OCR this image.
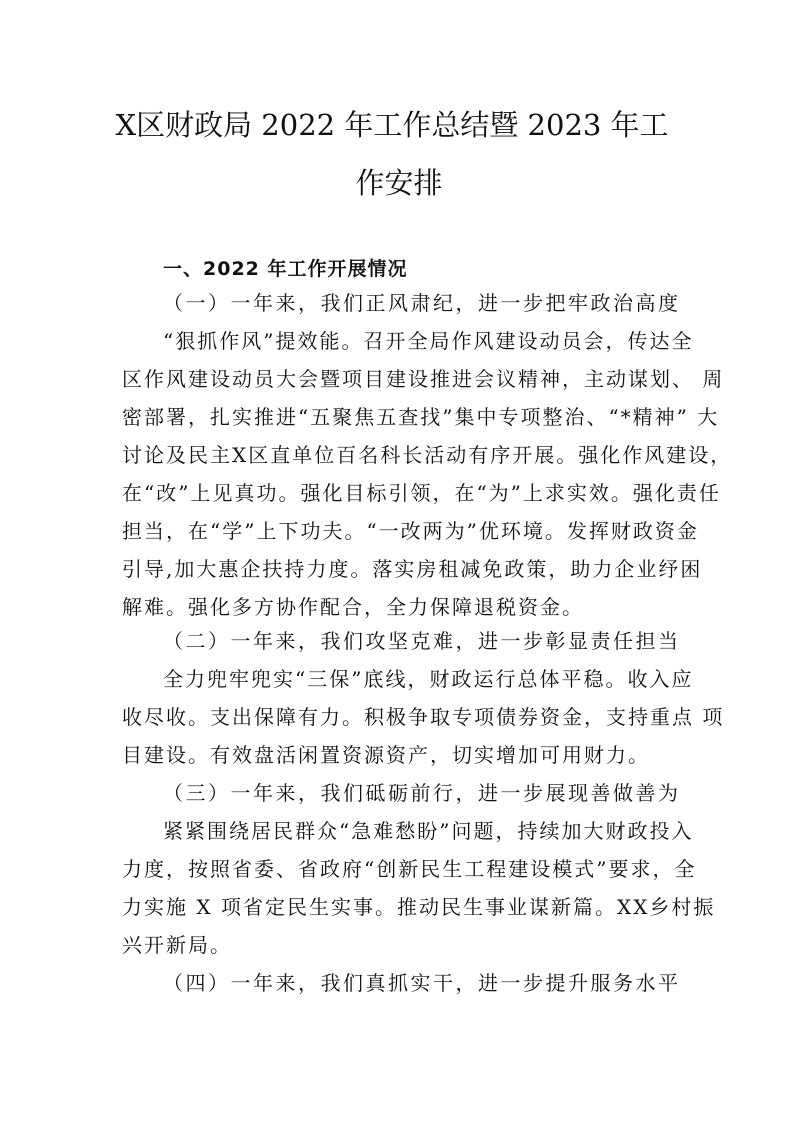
X区财政局 2022 年工作总结暨 2023 年工
作安排
一、2022 年工作开展情况
（一）一年来，我们正风肃纪，进一步把牢政治高度
“狠抓作风”提效能。召开全局作风建设动员会，传达全
区作风建设动员大会暨项目建设推进会议精神，主动谋划、 周
密部署，扎实推进“五聚焦五查找”集中专项整治、“*精神” 大
讨论及民主X区直单位百名科长活动有序开展。强化作风建设，
在“改”上见真功。强化目标引领，在“为”上求实效。强化责任
担当，在“学”上下功夫。“一改两为”优环境。发挥财政资金
引导,加大惠企扶持力度。落实房租减免政策，助力企业纾困
解难。强化多方协作配合，全力保障退税资金。
（二）一年来，我们攻坚克难，进一步彰显责任担当
全力兜牢兜实“三保”底线，财政运行总体平稳。收入应
收尽收。支出保障有力。积极争取专项债券资金，支持重点 项
目建设。有效盘活闲置资源资产，切实增加可用财力。
（三）一年来，我们砥砺前行，进一步展现善做善为
紧紧围绕居民群众“急难愁盼”问题，持续加大财政投入
力度，按照省委、省政府“创新民生工程建设模式”要求，全
力实施 X 项省定民生实事。推动民生事业谋新篇。XX乡村振
兴开新局。
（四）一年来，我们真抓实干，进一步提升服务水平
